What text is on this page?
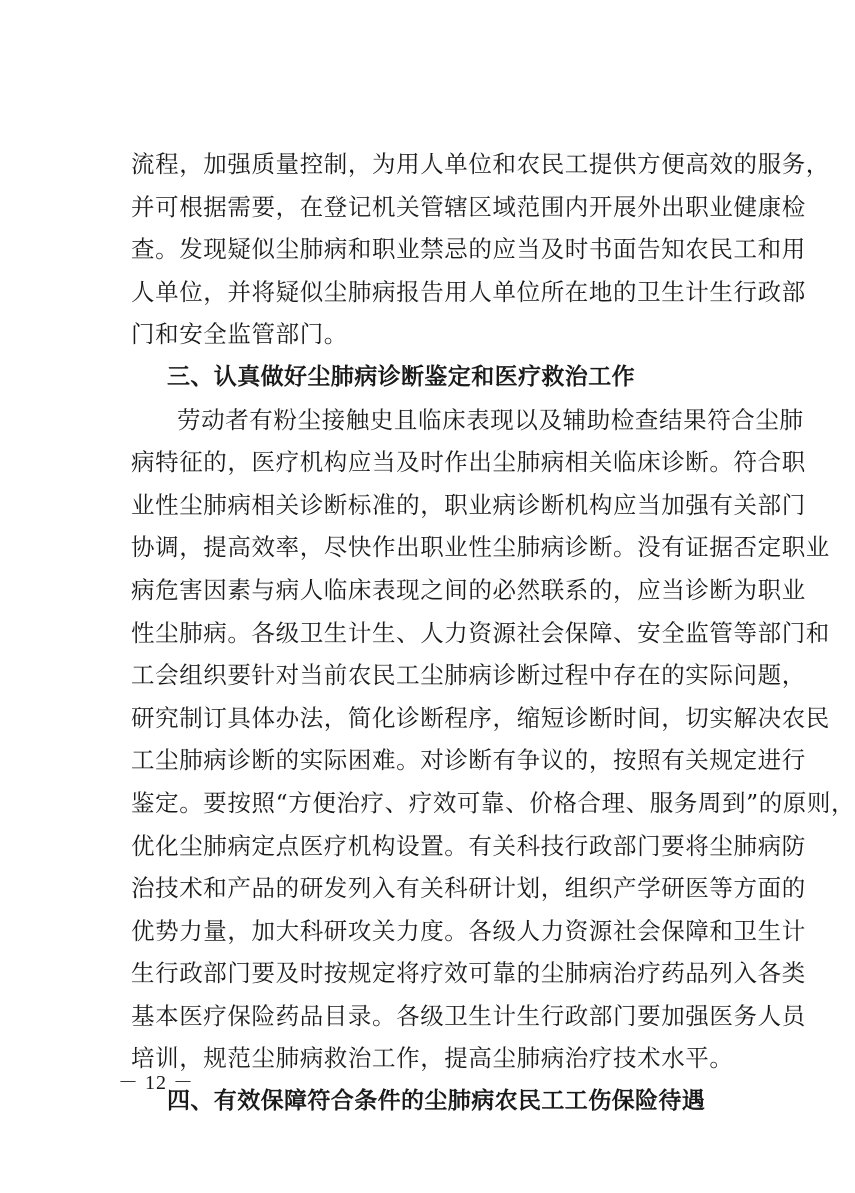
流程，加强质量控制，为用人单位和农民工提供方便高效的服务，
并可根据需要，在登记机关管辖区域范围内开展外出职业健康检
查。发现疑似尘肺病和职业禁忌的应当及时书面告知农民工和用
人单位，并将疑似尘肺病报告用人单位所在地的卫生计生行政部
门和安全监管部门。
三、认真做好尘肺病诊断鉴定和医疗救治工作
劳动者有粉尘接触史且临床表现以及辅助检查结果符合尘肺
病特征的，医疗机构应当及时作出尘肺病相关临床诊断。符合职
业性尘肺病相关诊断标准的，职业病诊断机构应当加强有关部门
协调，提高效率，尽快作出职业性尘肺病诊断。没有证据否定职业
病危害因素与病人临床表现之间的必然联系的，应当诊断为职业
性尘肺病。各级卫生计生、人力资源社会保障、安全监管等部门和
工会组织要针对当前农民工尘肺病诊断过程中存在的实际问题，
研究制订具体办法，简化诊断程序，缩短诊断时间，切实解决农民
工尘肺病诊断的实际困难。对诊断有争议的，按照有关规定进行
鉴定。要按照“方便治疗、疗效可靠、价格合理、服务周到”的原则，
优化尘肺病定点医疗机构设置。有关科技行政部门要将尘肺病防
治技术和产品的研发列入有关科研计划，组织产学研医等方面的
优势力量，加大科研攻关力度。各级人力资源社会保障和卫生计
生行政部门要及时按规定将疗效可靠的尘肺病治疗药品列入各类
基本医疗保险药品目录。各级卫生计生行政部门要加强医务人员
培训，规范尘肺病救治工作，提高尘肺病治疗技术水平。
四、有效保障符合条件的尘肺病农民工工伤保险待遇
－ 12 －
